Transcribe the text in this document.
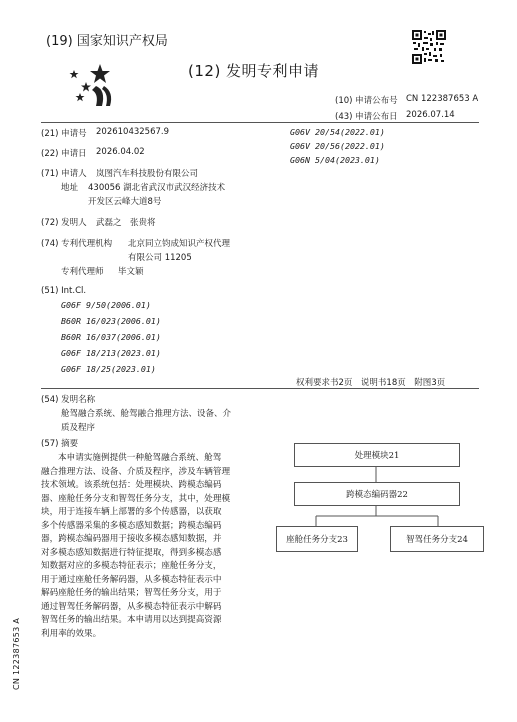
(19) 国家知识产权局
(12) 发明专利申请
(10) 申请公布号 CN 122387653 A
(43) 申请公布日 2026.07.14
(21) 申请号 202610432567.9
(22) 申请日 2026.04.02
(71) 申请人 岚图汽车科技股份有限公司
地址 430056 湖北省武汉市武汉经济技术
开发区云峰大道8号
(72) 发明人 武磊之　张贵将
(74) 专利代理机构 北京同立钧成知识产权代理
有限公司 11205
专利代理师 毕文颖
(51) Int.Cl.
G06F 9/50(2006.01)
B60R 16/023(2006.01)
B60R 16/037(2006.01)
G06F 18/213(2023.01)
G06F 18/25(2023.01)
G06V 20/54(2022.01)
G06V 20/56(2022.01)
G06N 5/04(2023.01)
权利要求书2页　说明书18页　附图3页
(54) 发明名称
舱驾融合系统、舱驾融合推理方法、设备、介
质及程序
(57) 摘要
本申请实施例提供一种舱驾融合系统、舱驾
融合推理方法、设备、介质及程序，涉及车辆管理
技术领域。该系统包括：处理模块、跨模态编码
器、座舱任务分支和智驾任务分支，其中，处理模
块，用于连接车辆上部署的多个传感器，以获取
多个传感器采集的多模态感知数据；跨模态编码
器，跨模态编码器用于接收多模态感知数据，并
对多模态感知数据进行特征提取，得到多模态感
知数据对应的多模态特征表示；座舱任务分支，
用于通过座舱任务解码器，从多模态特征表示中
解码座舱任务的输出结果；智驾任务分支，用于
通过智驾任务解码器，从多模态特征表示中解码
智驾任务的输出结果。本申请用以达到提高资源
利用率的效果。
处理模块21
跨模态编码器22
座舱任务分支23	智驾任务分支24
CN 122387653 A
